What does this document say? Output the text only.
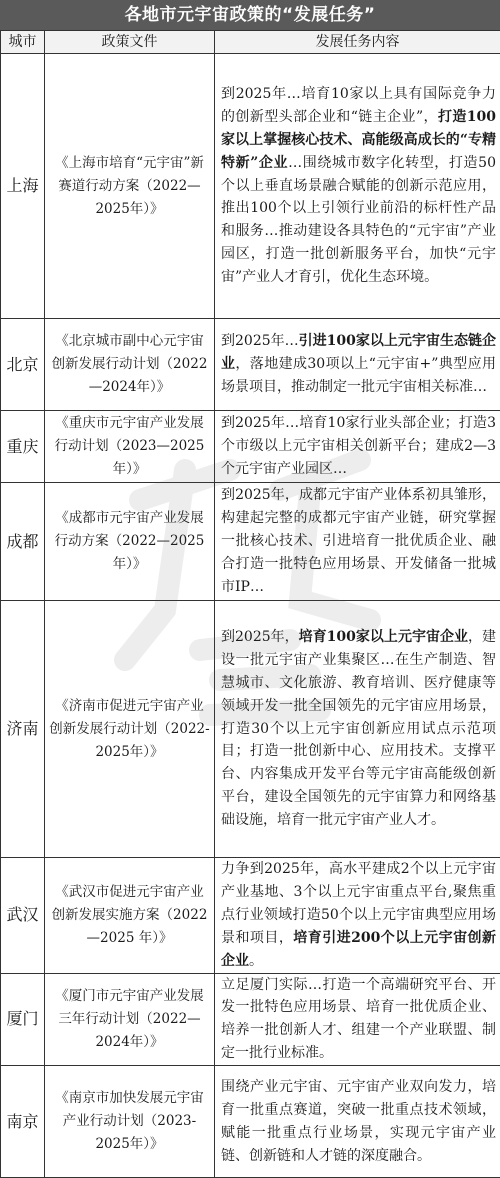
各地市元宇宙政策的“发展任务”
城市	政策文件	发展任务内容
上海	《上海市培育“元宇宙”新赛道行动方案（2022—2025年）》	到2025年…培育10家以上具有国际竞争力的创新型头部企业和“链主企业”，打造100家以上掌握核心技术、高能级高成长的“专精特新”企业…围绕城市数字化转型，打造50个以上垂直场景融合赋能的创新示范应用，推出100个以上引领行业前沿的标杆性产品和服务…推动建设各具特色的“元宇宙”产业园区，打造一批创新服务平台，加快“元宇宙”产业人才育引，优化生态环境。
北京	《北京城市副中心元宇宙创新发展行动计划（2022—2024年）》	到2025年…引进100家以上元宇宙生态链企业，落地建成30项以上“元宇宙+”典型应用场景项目，推动制定一批元宇宙相关标准…
重庆	《重庆市元宇宙产业发展行动计划（2023—2025年）》	到2025年…培育10家行业头部企业；打造3个市级以上元宇宙相关创新平台；建成2—3个元宇宙产业园区…
成都	《成都市元宇宙产业发展行动方案（2022—2025年）》	到2025年，成都元宇宙产业体系初具雏形，构建起完整的成都元宇宙产业链，研究掌握一批核心技术、引进培育一批优质企业、融合打造一批特色应用场景、开发储备一批城市IP…
济南	《济南市促进元宇宙产业创新发展行动计划（2022-2025年）》	到2025年，培育100家以上元宇宙企业，建设一批元宇宙产业集聚区…在生产制造、智慧城市、文化旅游、教育培训、医疗健康等领域开发一批全国领先的元宇宙应用场景，打造30个以上元宇宙创新应用试点示范项目；打造一批创新中心、应用技术。支撑平台、内容集成开发平台等元宇宙高能级创新平台，建设全国领先的元宇宙算力和网络基础设施，培育一批元宇宙产业人才。
武汉	《武汉市促进元宇宙产业创新发展实施方案（2022—2025 年）》	力争到2025年，高水平建成2个以上元宇宙产业基地、3个以上元宇宙重点平台,聚焦重点行业领域打造50个以上元宇宙典型应用场景和项目，培育引进200个以上元宇宙创新企业。
厦门	《厦门市元宇宙产业发展三年行动计划（2022—2024年）》	立足厦门实际…打造一个高端研究平台、开发一批特色应用场景、培育一批优质企业、培养一批创新人才、组建一个产业联盟、制定一批行业标准。
南京	《南京市加快发展元宇宙产业行动计划（2023-2025年）》	围绕产业元宇宙、元宇宙产业双向发力，培育一批重点赛道，突破一批重点技术领域，赋能一批重点行业场景，实现元宇宙产业链、创新链和人才链的深度融合。
